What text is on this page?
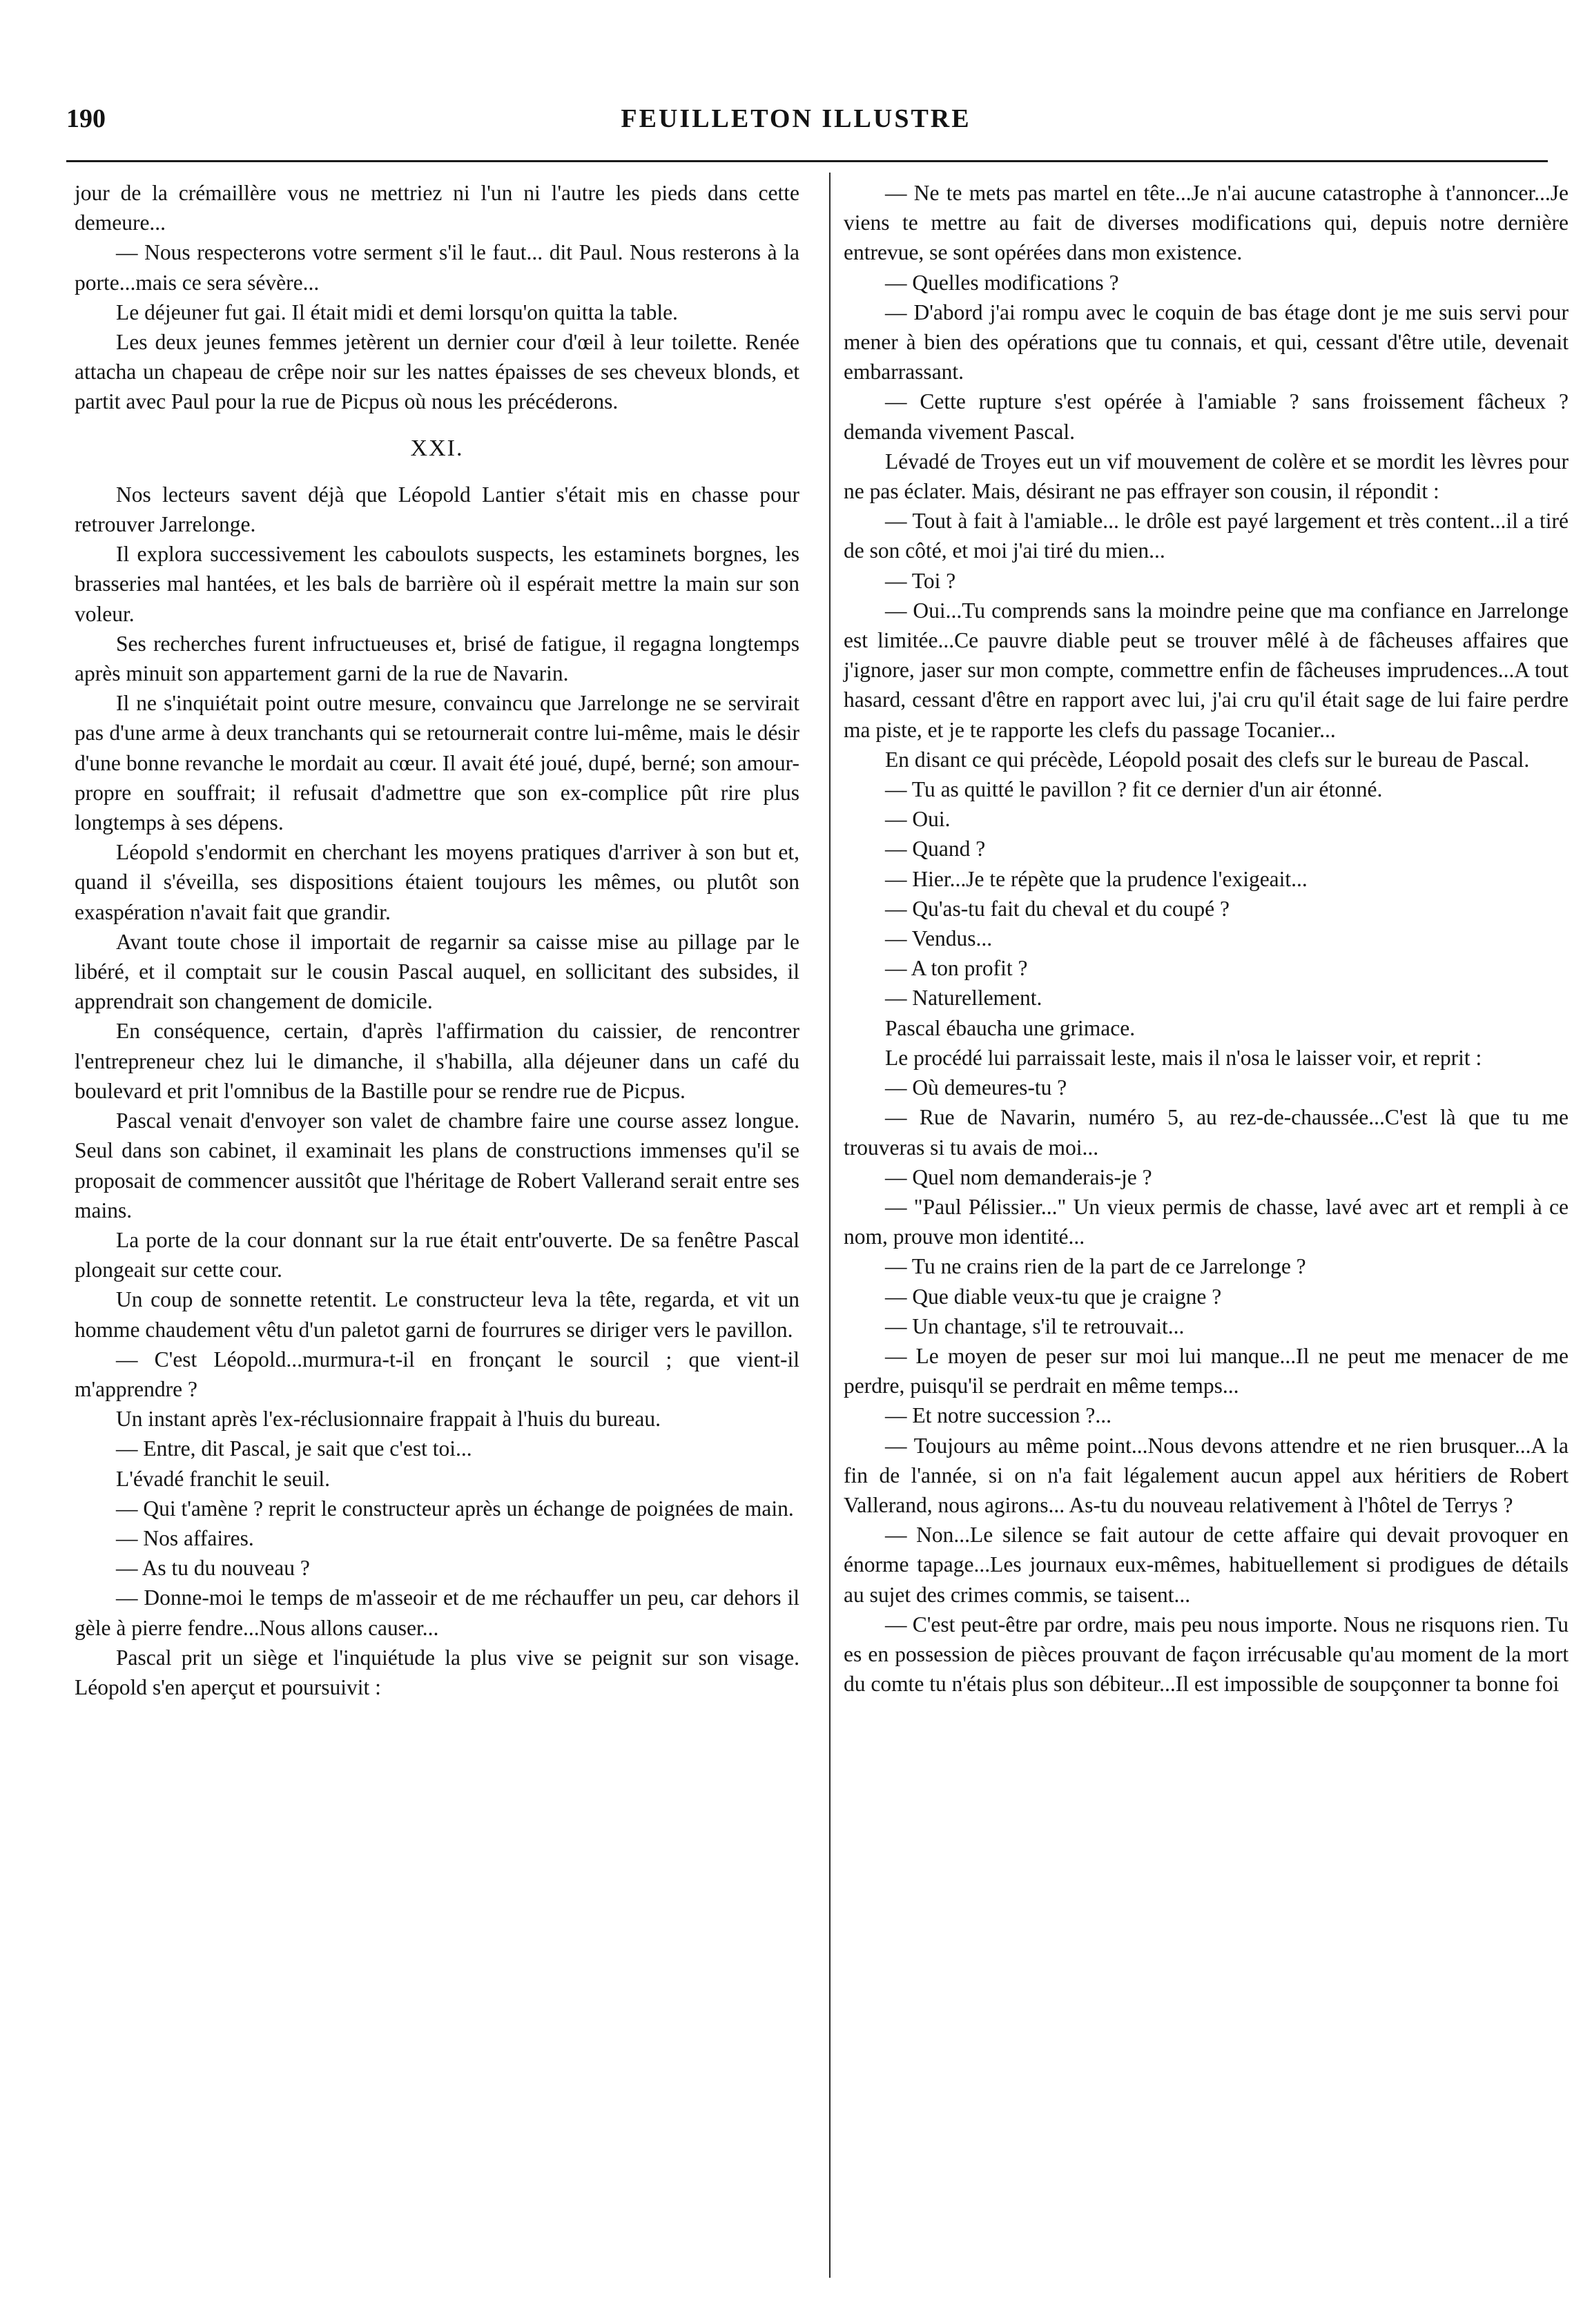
190	FEUILLETON ILLUSTRE

jour de la crémaillère vous ne mettriez ni l'un ni l'autre les pieds dans cette demeure...

— Nous respecterons votre serment s'il le faut... dit Paul. Nous resterons à la porte...mais ce sera sévère...

Le déjeuner fut gai. Il était midi et demi lorsqu'on quitta la table.

Les deux jeunes femmes jetèrent un dernier cour d'œil à leur toilette. Renée attacha un chapeau de crêpe noir sur les nattes épaisses de ses cheveux blonds, et partit avec Paul pour la rue de Picpus où nous les précéderons.

XXI.

Nos lecteurs savent déjà que Léopold Lantier s'était mis en chasse pour retrouver Jarrelonge.

Il explora successivement les caboulots suspects, les estaminets borgnes, les brasseries mal hantées, et les bals de barrière où il espérait mettre la main sur son voleur.

Ses recherches furent infructueuses et, brisé de fatigue, il regagna longtemps après minuit son appartement garni de la rue de Navarin.

Il ne s'inquiétait point outre mesure, convaincu que Jarrelonge ne se servirait pas d'une arme à deux tranchants qui se retournerait contre lui-même, mais le désir d'une bonne revanche le mordait au cœur. Il avait été joué, dupé, berné; son amour-propre en souffrait; il refusait d'admettre que son ex-complice pût rire plus longtemps à ses dépens.

Léopold s'endormit en cherchant les moyens pratiques d'arriver à son but et, quand il s'éveilla, ses dispositions étaient toujours les mêmes, ou plutôt son exaspération n'avait fait que grandir.

Avant toute chose il importait de regarnir sa caisse mise au pillage par le libéré, et il comptait sur le cousin Pascal auquel, en sollicitant des subsides, il apprendrait son changement de domicile.

En conséquence, certain, d'après l'affirmation du caissier, de rencontrer l'entrepreneur chez lui le dimanche, il s'habilla, alla déjeuner dans un café du boulevard et prit l'omnibus de la Bastille pour se rendre rue de Picpus.

Pascal venait d'envoyer son valet de chambre faire une course assez longue. Seul dans son cabinet, il examinait les plans de constructions immenses qu'il se proposait de commencer aussitôt que l'héritage de Robert Vallerand serait entre ses mains.

La porte de la cour donnant sur la rue était entr'ouverte. De sa fenêtre Pascal plongeait sur cette cour.

Un coup de sonnette retentit. Le constructeur leva la tête, regarda, et vit un homme chaudement vêtu d'un paletot garni de fourrures se diriger vers le pavillon.

— C'est Léopold...murmura-t-il en fronçant le sourcil ; que vient-il m'apprendre ?

Un instant après l'ex-réclusionnaire frappait à l'huis du bureau.

— Entre, dit Pascal, je sait que c'est toi...

L'évadé franchit le seuil.

— Qui t'amène ? reprit le constructeur après un échange de poignées de main.

— Nos affaires.

— As tu du nouveau ?

— Donne-moi le temps de m'asseoir et de me réchauffer un peu, car dehors il gèle à pierre fendre...Nous allons causer...

Pascal prit un siège et l'inquiétude la plus vive se peignit sur son visage. Léopold s'en aperçut et poursuivit :

— Ne te mets pas martel en tête...Je n'ai aucune catastrophe à t'annoncer...Je viens te mettre au fait de diverses modifications qui, depuis notre dernière entrevue, se sont opérées dans mon existence.

— Quelles modifications ?

— D'abord j'ai rompu avec le coquin de bas étage dont je me suis servi pour mener à bien des opérations que tu connais, et qui, cessant d'être utile, devenait embarrassant.

— Cette rupture s'est opérée à l'amiable ? sans froissement fâcheux ? demanda vivement Pascal.

Lévadé de Troyes eut un vif mouvement de colère et se mordit les lèvres pour ne pas éclater. Mais, désirant ne pas effrayer son cousin, il répondit :

— Tout à fait à l'amiable... le drôle est payé largement et très content...il a tiré de son côté, et moi j'ai tiré du mien...

— Toi ?

— Oui...Tu comprends sans la moindre peine que ma confiance en Jarrelonge est limitée...Ce pauvre diable peut se trouver mêlé à de fâcheuses affaires que j'ignore, jaser sur mon compte, commettre enfin de fâcheuses imprudences...A tout hasard, cessant d'être en rapport avec lui, j'ai cru qu'il était sage de lui faire perdre ma piste, et je te rapporte les clefs du passage Tocanier...

En disant ce qui précède, Léopold posait des clefs sur le bureau de Pascal.

— Tu as quitté le pavillon ? fit ce dernier d'un air étonné.

— Oui.

— Quand ?

— Hier...Je te répète que la prudence l'exigeait...

— Qu'as-tu fait du cheval et du coupé ?

— Vendus...

— A ton profit ?

— Naturellement.

Pascal ébaucha une grimace.

Le procédé lui parraissait leste, mais il n'osa le laisser voir, et reprit :

— Où demeures-tu ?

— Rue de Navarin, numéro 5, au rez-de-chaussée...C'est là que tu me trouveras si tu avais de moi...

— Quel nom demanderais-je ?

— "Paul Pélissier..." Un vieux permis de chasse, lavé avec art et rempli à ce nom, prouve mon identité...

— Tu ne crains rien de la part de ce Jarrelonge ?

— Que diable veux-tu que je craigne ?

— Un chantage, s'il te retrouvait...

— Le moyen de peser sur moi lui manque...Il ne peut me menacer de me perdre, puisqu'il se perdrait en même temps...

— Et notre succession ?...

— Toujours au même point...Nous devons attendre et ne rien brusquer...A la fin de l'année, si on n'a fait légalement aucun appel aux héritiers de Robert Vallerand, nous agirons... As-tu du nouveau relativement à l'hôtel de Terrys ?

— Non...Le silence se fait autour de cette affaire qui devait provoquer en énorme tapage...Les journaux eux-mêmes, habituellement si prodigues de détails au sujet des crimes commis, se taisent...

— C'est peut-être par ordre, mais peu nous importe. Nous ne risquons rien. Tu es en possession de pièces prouvant de façon irrécusable qu'au moment de la mort du comte tu n'étais plus son débiteur...Il est impossible de soupçonner ta bonne foi
